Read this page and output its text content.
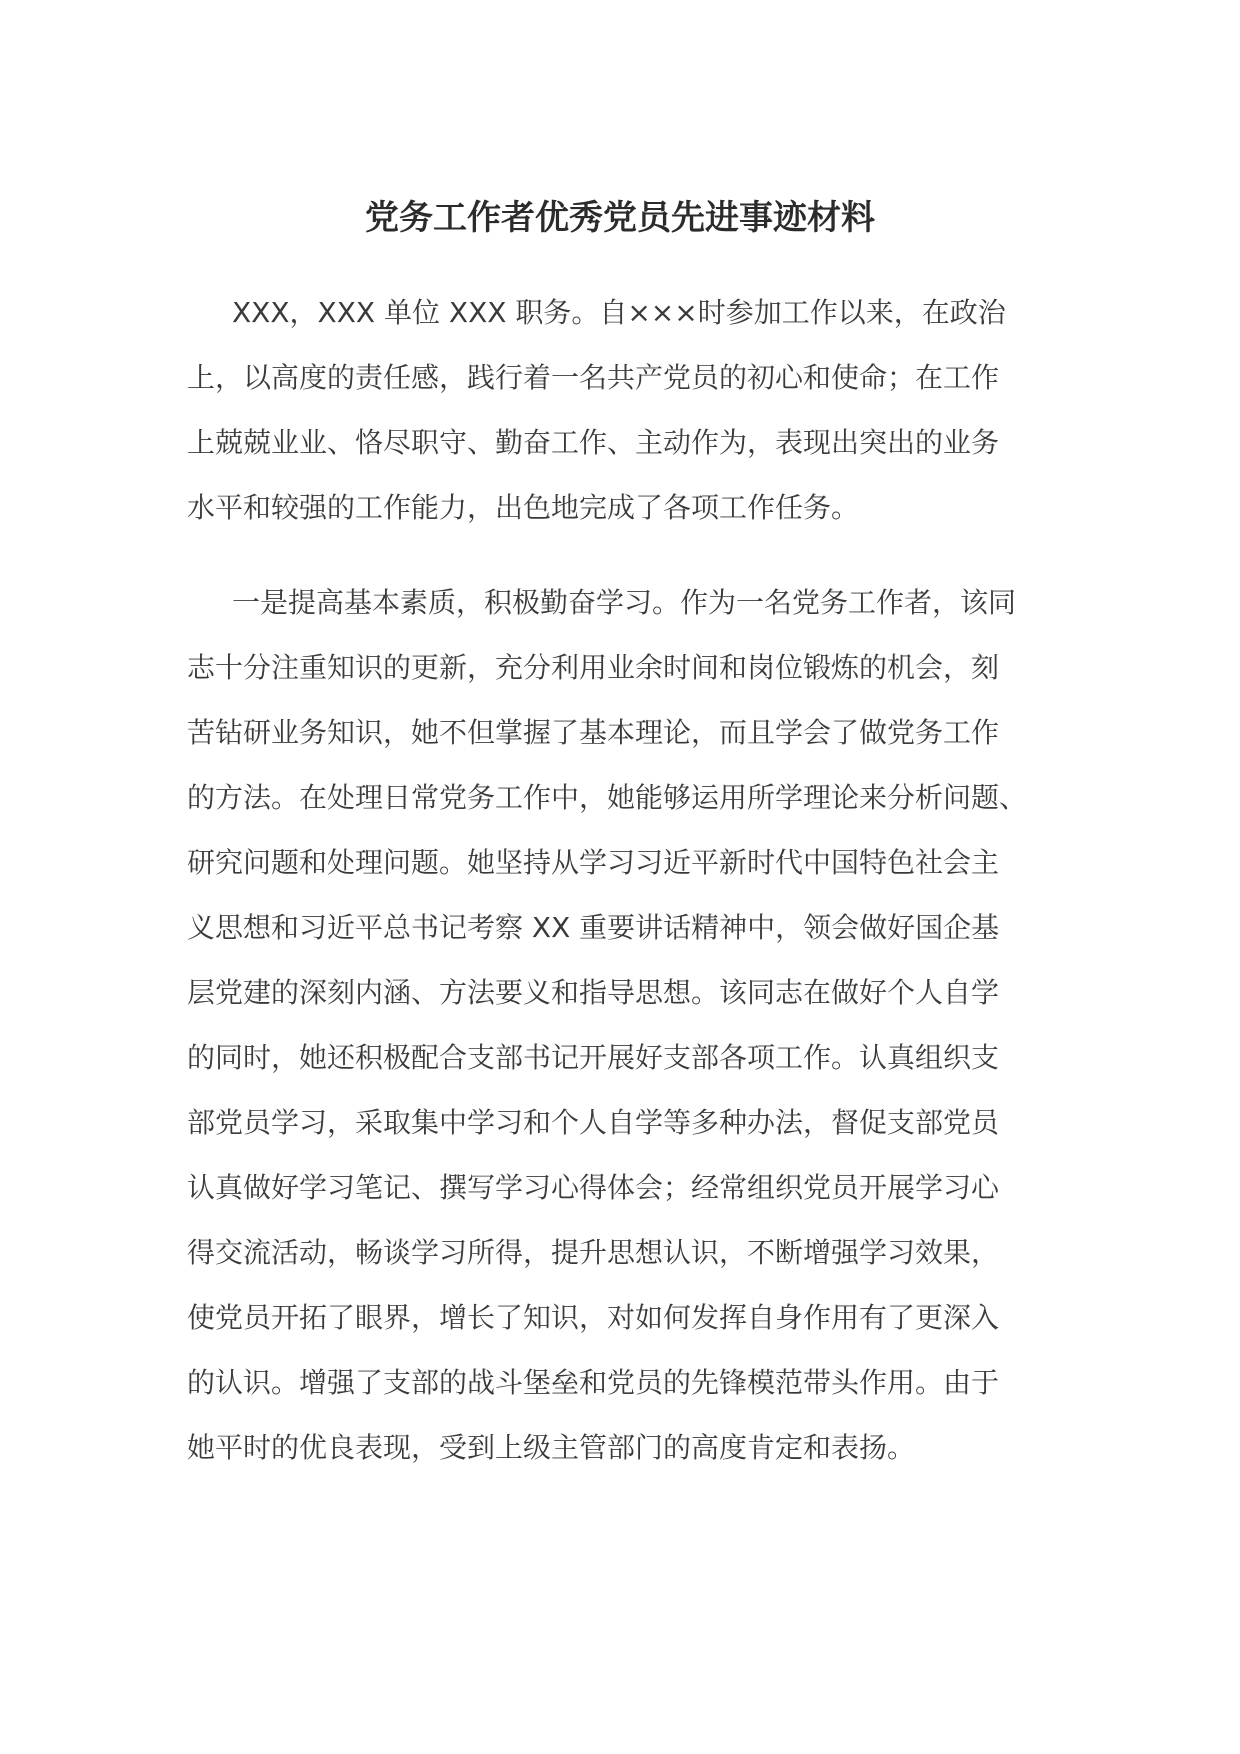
党务工作者优秀党员先进事迹材料
XXX，XXX 单位 XXX 职务。自×××时参加工作以来，在政治
上，以高度的责任感，践行着一名共产党员的初心和使命；在工作
上兢兢业业、恪尽职守、勤奋工作、主动作为，表现出突出的业务
水平和较强的工作能力，出色地完成了各项工作任务。
一是提高基本素质，积极勤奋学习。作为一名党务工作者，该同
志十分注重知识的更新，充分利用业余时间和岗位锻炼的机会，刻
苦钻研业务知识，她不但掌握了基本理论，而且学会了做党务工作
的方法。在处理日常党务工作中，她能够运用所学理论来分析问题、
研究问题和处理问题。她坚持从学习习近平新时代中国特色社会主
义思想和习近平总书记考察 XX 重要讲话精神中，领会做好国企基
层党建的深刻内涵、方法要义和指导思想。该同志在做好个人自学
的同时，她还积极配合支部书记开展好支部各项工作。认真组织支
部党员学习，采取集中学习和个人自学等多种办法，督促支部党员
认真做好学习笔记、撰写学习心得体会；经常组织党员开展学习心
得交流活动，畅谈学习所得，提升思想认识，不断增强学习效果，
使党员开拓了眼界，增长了知识，对如何发挥自身作用有了更深入
的认识。增强了支部的战斗堡垒和党员的先锋模范带头作用。由于
她平时的优良表现，受到上级主管部门的高度肯定和表扬。
